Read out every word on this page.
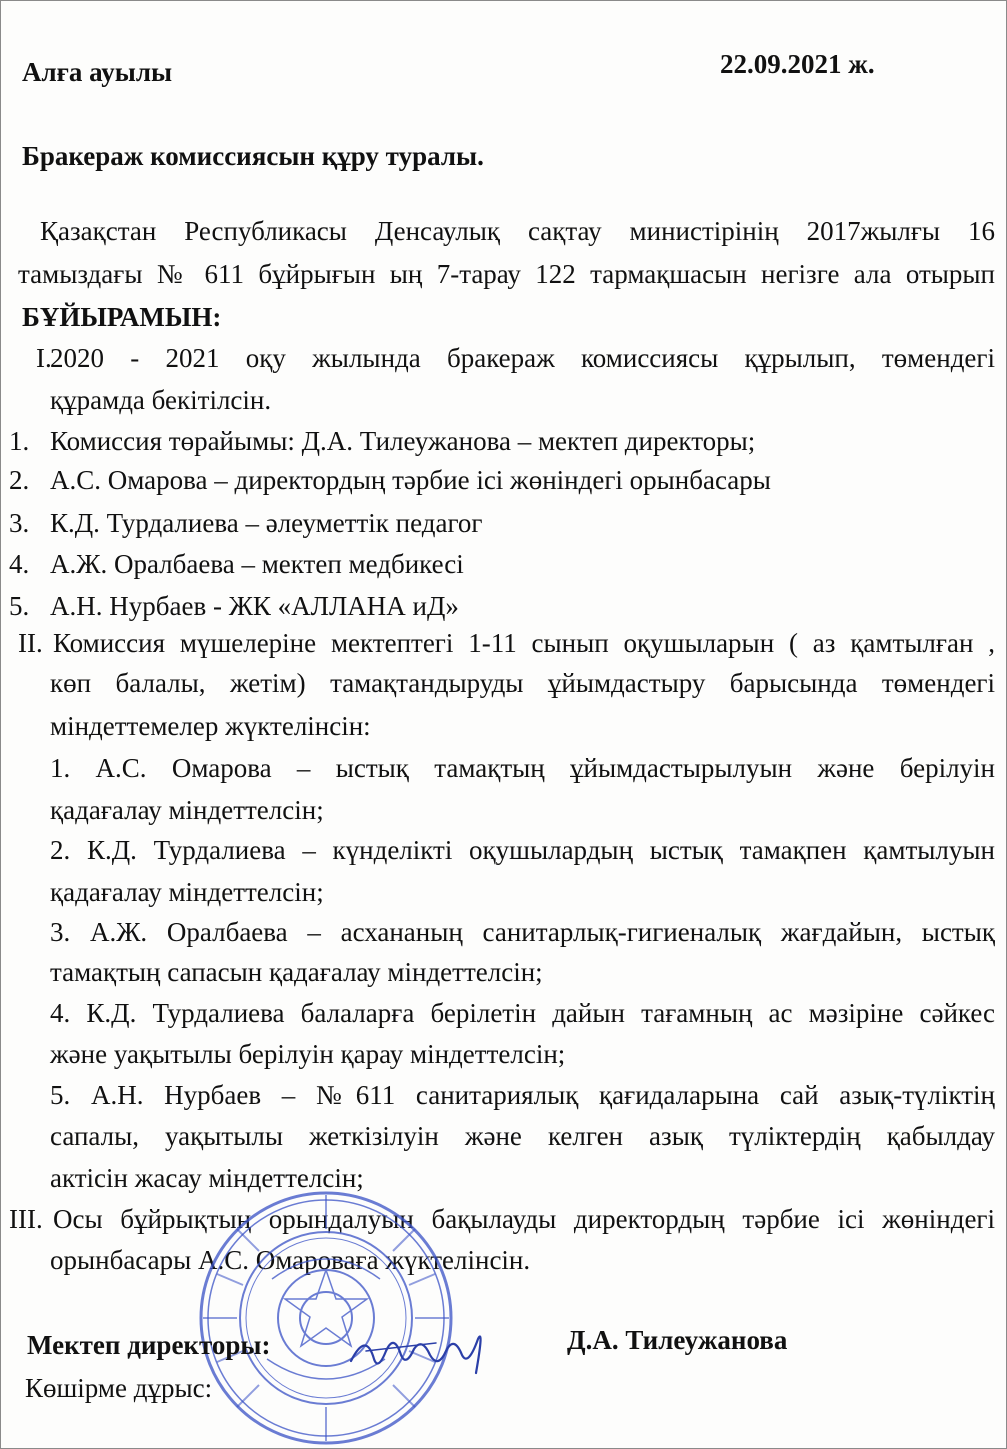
Алға ауылы	22.09.2021 ж.
Бракераж комиссиясын құру туралы.
Қазақстан Республикасы Денсаулық сақтау министірінің 2017жылғы 16
тамыздағы № 611 бұйрығын ың 7-тарау 122 тармақшасын негізге ала отырып
БҰЙЫРАМЫН:
I.
2020 - 2021 оқу жылында бракераж комиссиясы құрылып, төмендегі
құрамда бекітілсін.
1. Комиссия төрайымы: Д.А. Тилеужанова – мектеп директоры;
2. А.С. Омарова – директордың тәрбие ісі жөніндегі орынбасары
3. К.Д. Турдалиева – әлеуметтік педагог
4. А.Ж. Оралбаева – мектеп медбикесі
5. А.Н. Нурбаев - ЖК «АЛЛАНА иД»
II. Комиссия мүшелеріне мектептегі 1-11 сынып оқушыларын ( аз қамтылған ,
көп балалы, жетім) тамақтандыруды ұйымдастыру барысында төмендегі
міндеттемелер жүктелінсін:
1. А.С. Омарова – ыстық тамақтың ұйымдастырылуын және берілуін
қадағалау міндеттелсін;
2. К.Д. Турдалиева – күнделікті оқушылардың ыстық тамақпен қамтылуын
қадағалау міндеттелсін;
3. А.Ж. Оралбаева – асхананың санитарлық-гигиеналық жағдайын, ыстық
тамақтың сапасын қадағалау міндеттелсін;
4. К.Д. Турдалиева балаларға берілетін дайын тағамның ас мәзіріне сәйкес
және уақытылы берілуін қарау міндеттелсін;
5. А.Н. Нурбаев – №611 санитариялық қағидаларына сай азық-түліктің
сапалы, уақытылы жеткізілуін және келген азық түліктердің қабылдау
актісін жасау міндеттелсін;
III. Осы бұйрықтың орындалуын бақылауды директордың тәрбие ісі жөніндегі
орынбасары А.С. Омароваға жүктелінсін.
Мектеп директоры:	Д.А. Тилеужанова
Көшірме дұрыс:
